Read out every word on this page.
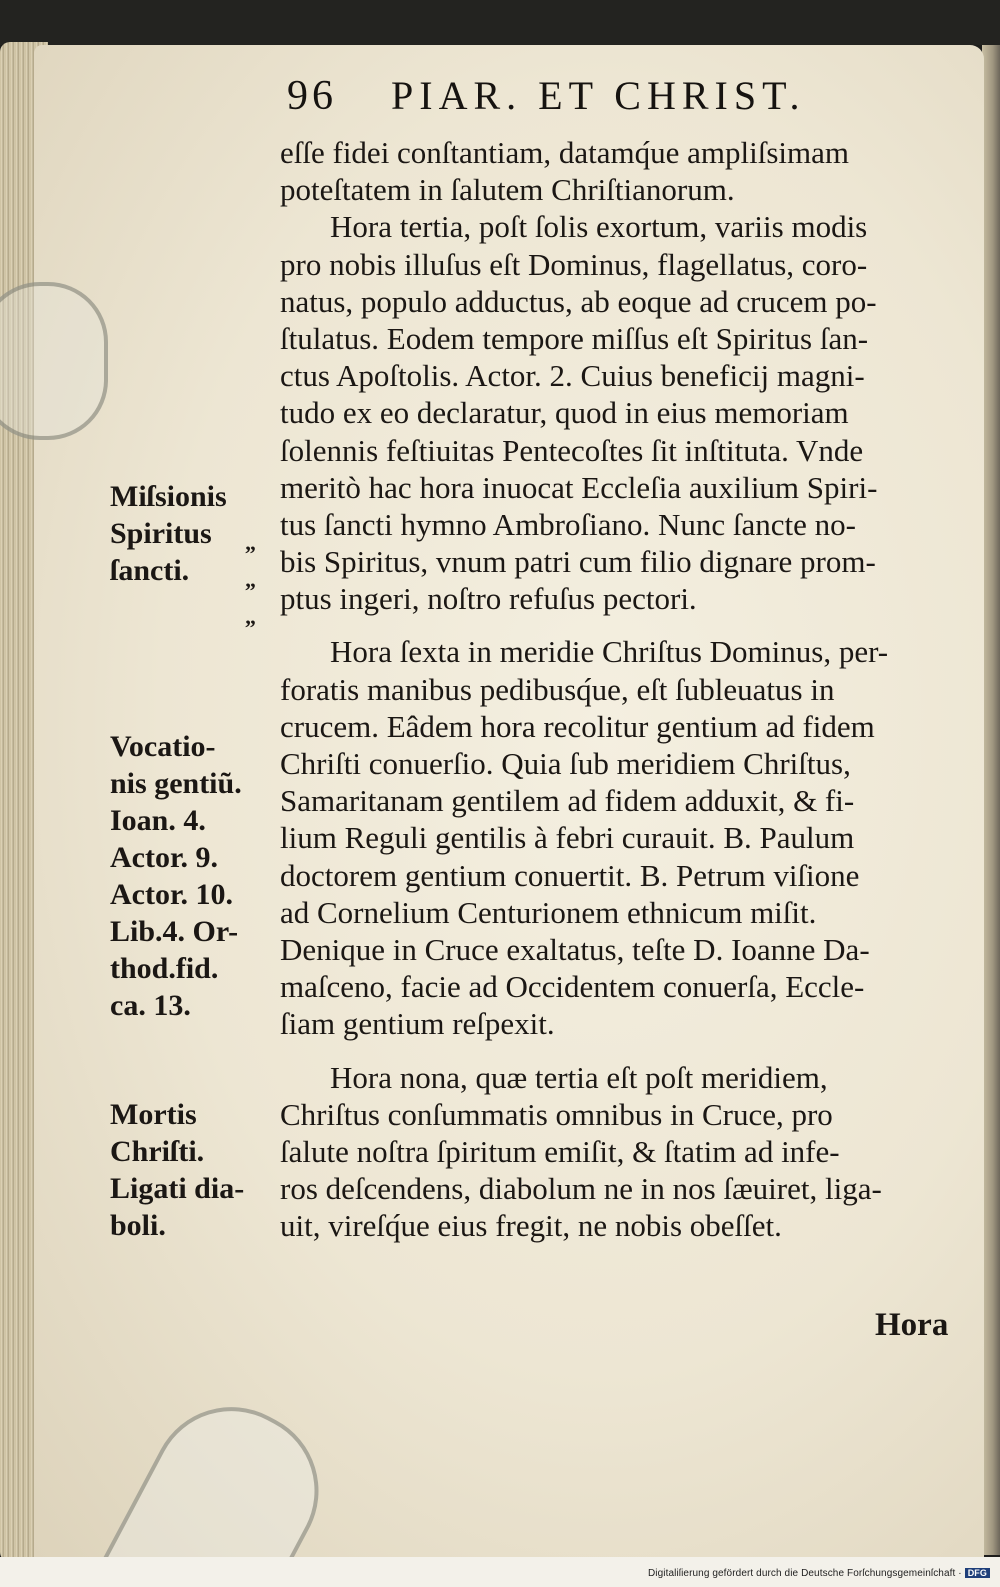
96 PIAR. ET CHRIST.
eſſe fidei conſtantiam, datamq́ue ampliſsimam
poteſtatem in ſalutem Chriſtianorum.
Hora tertia, poſt ſolis exortum, variis modis
pro nobis illuſus eſt Dominus, flagellatus, coro-
natus, populo adductus, ab eoque ad crucem po-
ſtulatus. Eodem tempore miſſus eſt Spiritus ſan-
ctus Apoſtolis. Actor. 2. Cuius beneficij magni-
tudo ex eo declaratur, quod in eius memoriam
ſolennis feſtiuitas Pentecoſtes ſit inſtituta. Vnde
meritò hac hora inuocat Eccleſia auxilium Spiri-
tus ſancti hymno Ambroſiano. Nunc ſancte no-
bis Spiritus, vnum patri cum filio dignare prom-
ptus ingeri, noſtro refuſus pectori.
Hora ſexta in meridie Chriſtus Dominus, per-
foratis manibus pedibusq́ue, eſt ſubleuatus in
crucem. Eâdem hora recolitur gentium ad fidem
Chriſti conuerſio. Quia ſub meridiem Chriſtus,
Samaritanam gentilem ad fidem adduxit, & fi-
lium Reguli gentilis à febri curauit. B. Paulum
doctorem gentium conuertit. B. Petrum viſione
ad Cornelium Centurionem ethnicum miſit.
Denique in Cruce exaltatus, teſte D. Ioanne Da-
maſceno, facie ad Occidentem conuerſa, Eccle-
ſiam gentium reſpexit.
Hora nona, quæ tertia eſt poſt meridiem,
Chriſtus conſummatis omnibus in Cruce, pro
ſalute noſtra ſpiritum emiſit, & ſtatim ad infe-
ros deſcendens, diabolum ne in nos ſæuiret, liga-
uit, vireſq́ue eius fregit, ne nobis obeſſet.
Miſsionis
Spiritus
ſancti.
Vocatio-
nis gentiũ.
Ioan. 4.
Actor. 9.
Actor. 10.
Lib.4. Or-
thod.fid.
ca. 13.
Mortis
Chriſti.
Ligati dia-
boli.
„
„
„
Hora
Digitaliſierung gefördert durch die Deutsche Forſchungsgemeinſchaft · DFG
